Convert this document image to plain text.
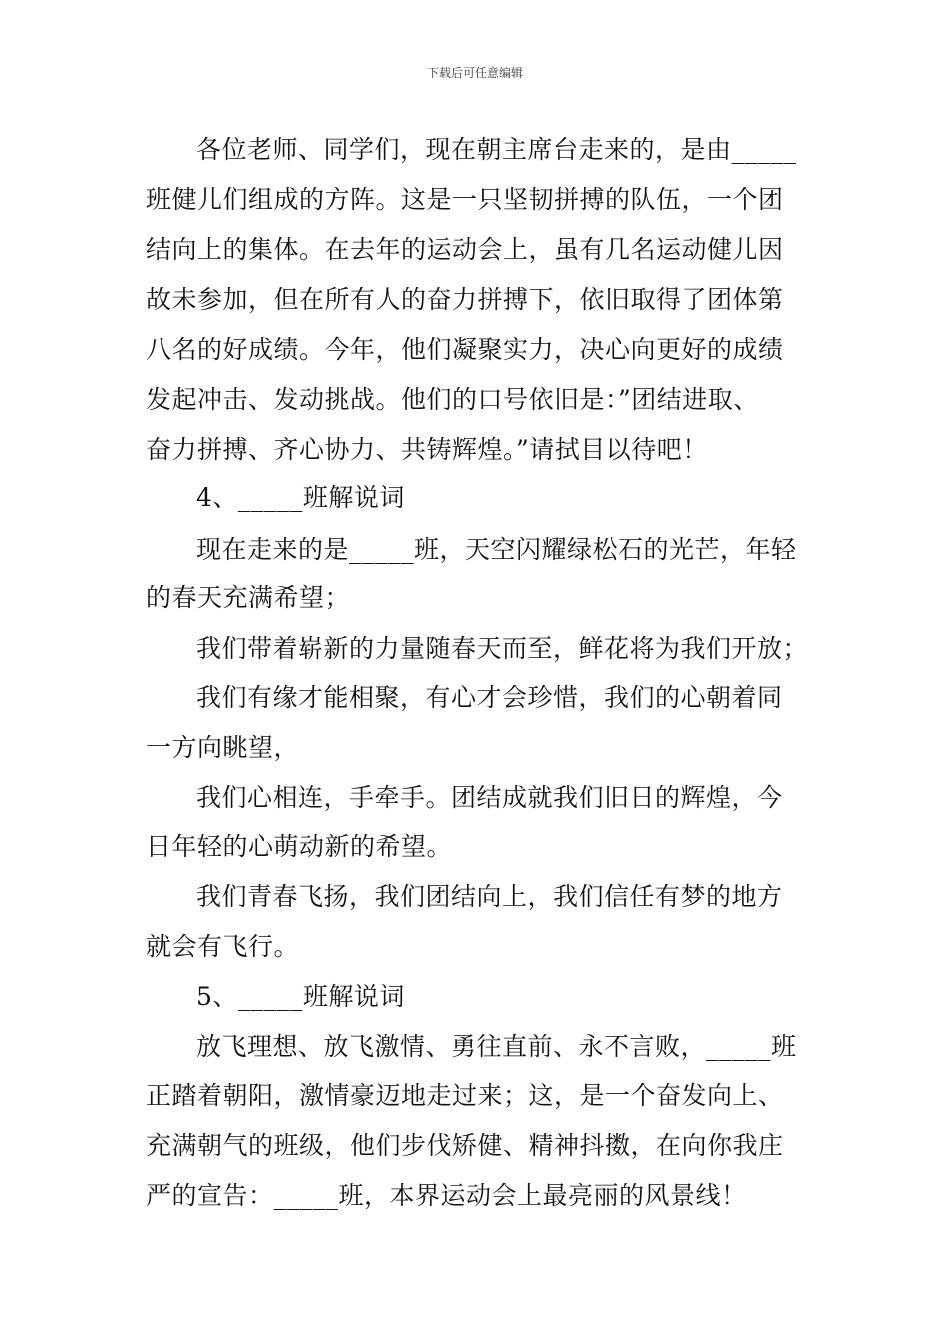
下载后可任意编辑
各位老师、同学们，现在朝主席台走来的，是由_____
班健儿们组成的方阵。这是一只坚韧拼搏的队伍，一个团
结向上的集体。在去年的运动会上，虽有几名运动健儿因
故未参加，但在所有人的奋力拼搏下，依旧取得了团体第
八名的好成绩。今年，他们凝聚实力，决心向更好的成绩
发起冲击、发动挑战。他们的口号依旧是：”团结进取、
奋力拼搏、齐心协力、共铸辉煌。”请拭目以待吧！
4、_____班解说词
现在走来的是_____班，天空闪耀绿松石的光芒，年轻
的春天充满希望；
我们带着崭新的力量随春天而至，鲜花将为我们开放；
我们有缘才能相聚，有心才会珍惜，我们的心朝着同
一方向眺望，
我们心相连，手牵手。团结成就我们旧日的辉煌，今
日年轻的心萌动新的希望。
我们青春飞扬，我们团结向上，我们信任有梦的地方
就会有飞行。
5、_____班解说词
放飞理想、放飞激情、勇往直前、永不言败，_____班
正踏着朝阳，激情豪迈地走过来；这，是一个奋发向上、
充满朝气的班级，他们步伐矫健、精神抖擞，在向你我庄
严的宣告：_____班，本界运动会上最亮丽的风景线！
